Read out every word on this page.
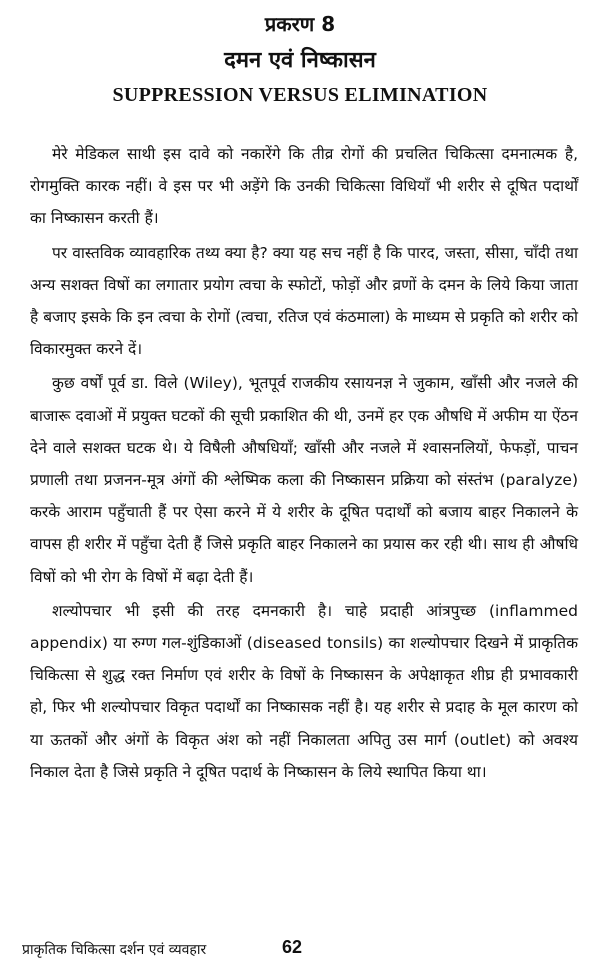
प्रकरण 8
दमन एवं निष्कासन
SUPPRESSION VERSUS ELIMINATION

मेरे मेडिकल साथी इस दावे को नकारेंगे कि तीव्र रोगों की प्रचलित चिकित्सा दमनात्मक है, रोगमुक्ति कारक नहीं। वे इस पर भी अड़ेंगे कि उनकी चिकित्सा विधियाँ भी शरीर से दूषित पदार्थों का निष्कासन करती हैं।

पर वास्तविक व्यावहारिक तथ्य क्या है? क्या यह सच नहीं है कि पारद, जस्ता, सीसा, चाँदी तथा अन्य सशक्त विषों का लगातार प्रयोग त्वचा के स्फोटों, फोड़ों और व्रणों के दमन के लिये किया जाता है बजाए इसके कि इन त्वचा के रोगों (त्वचा, रतिज एवं कंठमाला) के माध्यम से प्रकृति को शरीर को विकारमुक्त करने दें।

कुछ वर्षों पूर्व डा. विले (Wiley), भूतपूर्व राजकीय रसायनज्ञ ने जुकाम, खाँसी और नजले की बाजारू दवाओं में प्रयुक्त घटकों की सूची प्रकाशित की थी, उनमें हर एक औषधि में अफीम या ऐंठन देने वाले सशक्त घटक थे। ये विषैली औषधियाँ; खाँसी और नजले में श्वासनलियों, फेफड़ों, पाचन प्रणाली तथा प्रजनन-मूत्र अंगों की श्लेष्मिक कला की निष्कासन प्रक्रिया को संस्तंभ (paralyze) करके आराम पहुँचाती हैं पर ऐसा करने में ये शरीर के दूषित पदार्थों को बजाय बाहर निकालने के वापस ही शरीर में पहुँचा देती हैं जिसे प्रकृति बाहर निकालने का प्रयास कर रही थी। साथ ही औषधि विषों को भी रोग के विषों में बढ़ा देती हैं।

शल्योपचार भी इसी की तरह दमनकारी है। चाहे प्रदाही आंत्रपुच्छ (inflammed appendix) या रुग्ण गल-शुंडिकाओं (diseased tonsils) का शल्योपचार दिखने में प्राकृतिक चिकित्सा से शुद्ध रक्त निर्माण एवं शरीर के विषों के निष्कासन के अपेक्षाकृत शीघ्र ही प्रभावकारी हो, फिर भी शल्योपचार विकृत पदार्थों का निष्कासक नहीं है। यह शरीर से प्रदाह के मूल कारण को या ऊतकों और अंगों के विकृत अंश को नहीं निकालता अपितु उस मार्ग (outlet) को अवश्य निकाल देता है जिसे प्रकृति ने दूषित पदार्थ के निष्कासन के लिये स्थापित किया था।

प्राकृतिक चिकित्सा दर्शन एवं व्यवहार	62
